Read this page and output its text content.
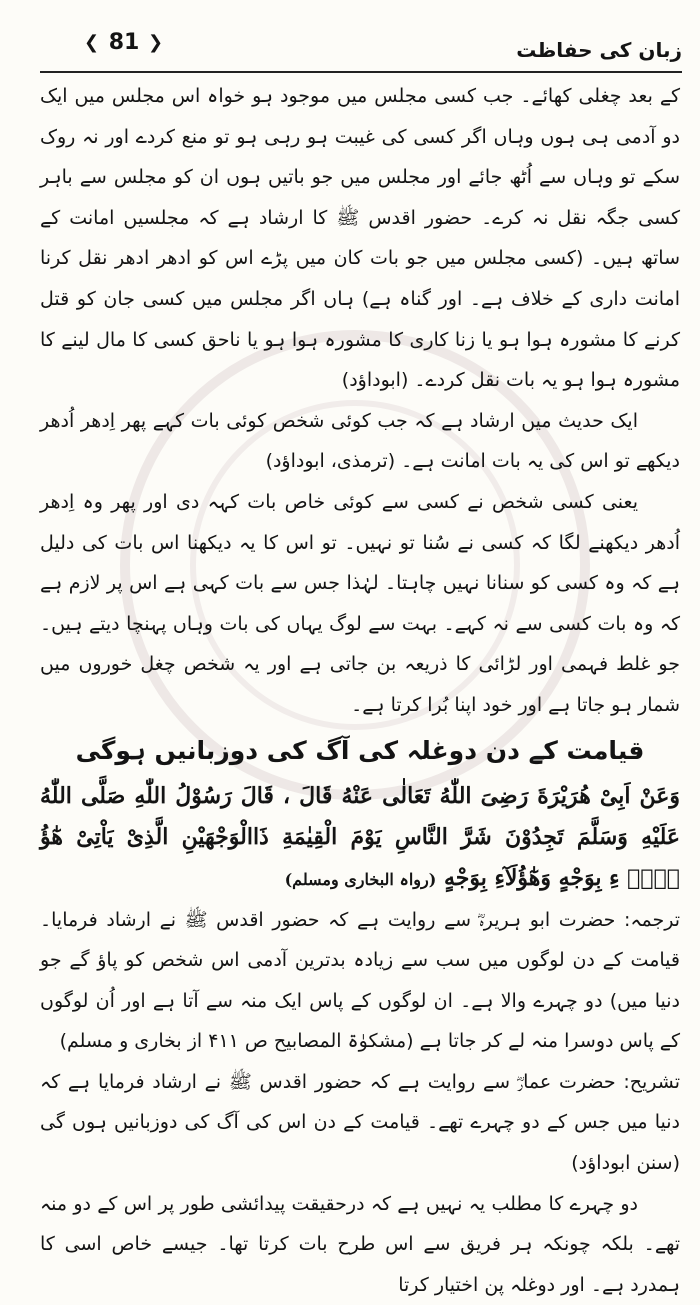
❮ 81 ❯	زبان کی حفاظت

کے بعد چغلی کھائے۔ جب کسی مجلس میں موجود ہو خواہ اس مجلس میں ایک دو آدمی ہی ہوں وہاں اگر کسی کی غیبت ہو رہی ہو تو منع کردے اور نہ روک سکے تو وہاں سے اُٹھ جائے اور مجلس میں جو باتیں ہوں ان کو مجلس سے باہر کسی جگہ نقل نہ کرے۔ حضور اقدس ﷺ کا ارشاد ہے کہ مجلسیں امانت کے ساتھ ہیں۔ (کسی مجلس میں جو بات کان میں پڑے اس کو ادھر ادھر نقل کرنا امانت داری کے خلاف ہے۔ اور گناہ ہے) ہاں اگر مجلس میں کسی جان کو قتل کرنے کا مشورہ ہوا ہو یا زنا کاری کا مشورہ ہوا ہو یا ناحق کسی کا مال لینے کا مشورہ ہوا ہو یہ بات نقل کردے۔ (ابوداؤد)

ایک حدیث میں ارشاد ہے کہ جب کوئی شخص کوئی بات کہے پھر اِدھر اُدھر دیکھے تو اس کی یہ بات امانت ہے۔ (ترمذی، ابوداؤد)

یعنی کسی شخص نے کسی سے کوئی خاص بات کہہ دی اور پھر وہ اِدھر اُدھر دیکھنے لگا کہ کسی نے سُنا تو نہیں۔ تو اس کا یہ دیکھنا اس بات کی دلیل ہے کہ وہ کسی کو سنانا نہیں چاہتا۔ لہٰذا جس سے بات کہی ہے اس پر لازم ہے کہ وہ بات کسی سے نہ کہے۔ بہت سے لوگ یہاں کی بات وہاں پہنچا دیتے ہیں۔ جو غلط فہمی اور لڑائی کا ذریعہ بن جاتی ہے اور یہ شخص چغل خوروں میں شمار ہو جاتا ہے اور خود اپنا بُرا کرتا ہے۔

قیامت کے دن دوغلہ کی آگ کی دوزبانیں ہوگی

وَعَنْ اَبِیْ هُرَیْرَةَ رَضِیَ اللّٰهُ تَعَالٰی عَنْهُ قَالَ ، قَالَ رَسُوْلُ اللّٰهِ صَلَّی اللّٰهُ عَلَیْهِ وَسَلَّمَ تَجِدُوْنَ شَرَّ النَّاسِ یَوْمَ الْقِیٰمَةِ ذَاالْوَجْهَیْنِ الَّذِیْ یَاْتِیْ هٰٓؤُ لَاۤ ءِ بِوَجْهٍ وَهٰٓؤُلَآءِ بِوَجْهٍ (رواہ البخاری ومسلم)

ترجمہ: حضرت ابو ہریرہؓ سے روایت ہے کہ حضور اقدس ﷺ نے ارشاد فرمایا۔ قیامت کے دن لوگوں میں سب سے زیادہ بدترین آدمی اس شخص کو پاؤ گے جو دنیا میں) دو چہرے والا ہے۔ ان لوگوں کے پاس ایک منہ سے آتا ہے اور اُن لوگوں کے پاس دوسرا منہ لے کر جاتا ہے (مشکوٰۃ المصابیح ص ۴۱۱ از بخاری و مسلم)

تشریح: حضرت عمارؓ سے روایت ہے کہ حضور اقدس ﷺ نے ارشاد فرمایا ہے کہ دنیا میں جس کے دو چہرے تھے۔ قیامت کے دن اس کی آگ کی دوزبانیں ہوں گی (سنن ابوداؤد)

دو چہرے کا مطلب یہ نہیں ہے کہ درحقیقت پیدائشی طور پر اس کے دو منہ تھے۔ بلکہ چونکہ ہر فریق سے اس طرح بات کرتا تھا۔ جیسے خاص اسی کا ہمدرد ہے۔ اور دوغلہ پن اختیار کرتا
